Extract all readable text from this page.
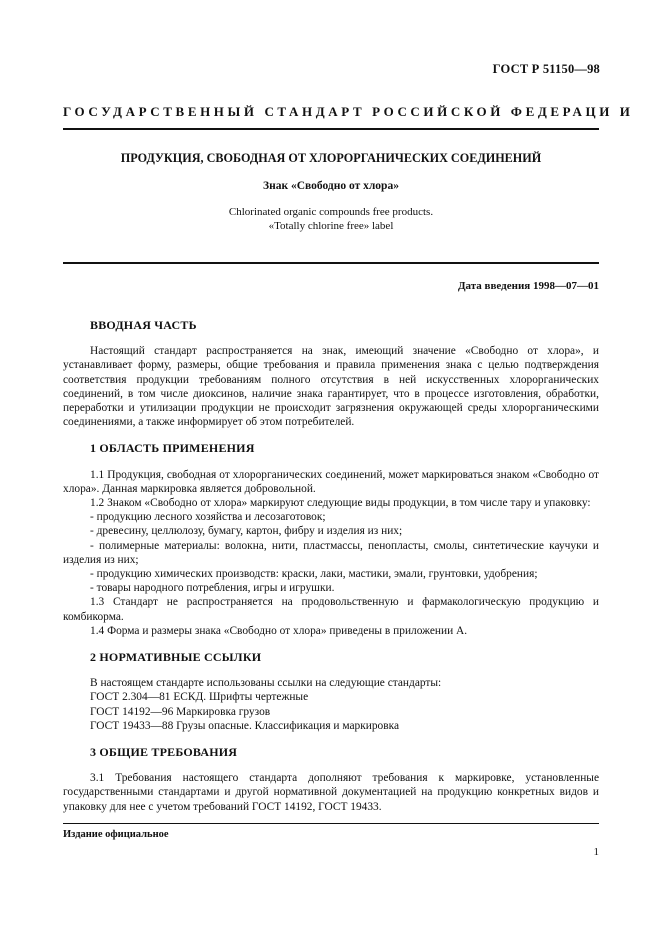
ГОСТ Р 51150—98
ГОСУДАРСТВЕННЫЙ СТАНДАРТ РОССИЙСКОЙ ФЕДЕРАЦИ И
ПРОДУКЦИЯ, СВОБОДНАЯ ОТ ХЛОРОРГАНИЧЕСКИХ СОЕДИНЕНИЙ
Знак «Свободно от хлора»
Chlorinated organic compounds free products.
«Totally chlorine free» label
Дата введения 1998—07—01
ВВОДНАЯ ЧАСТЬ

Настоящий стандарт распространяется на знак, имеющий значение «Свободно от хлора», и устанавливает форму, размеры, общие требования и правила применения знака с целью подтверждения соответствия продукции требованиям полного отсутствия в ней искусственных хлорорганических соединений, в том числе диоксинов, наличие знака гарантирует, что в процессе изготовления, обработки, переработки и утилизации продукции не происходит загрязнения окружающей среды хлорорганическими соединениями, а также информирует об этом потребителей.

1 ОБЛАСТЬ ПРИМЕНЕНИЯ

1.1 Продукция, свободная от хлорорганических соединений, может маркироваться знаком «Свободно от хлора». Данная маркировка является добровольной.

1.2 Знаком «Свободно от хлора» маркируют следующие виды продукции, в том числе тару и упаковку:

- продукцию лесного хозяйства и лесозаготовок;
- древесину, целлюлозу, бумагу, картон, фибру и изделия из них;
- полимерные материалы: волокна, нити, пластмассы, пенопласты, смолы, синтетические каучуки и изделия из них;
- продукцию химических производств: краски, лаки, мастики, эмали, грунтовки, удобрения;
- товары народного потребления, игры и игрушки.

1.3 Стандарт не распространяется на продовольственную и фармакологическую продукцию и комбикорма.

1.4 Форма и размеры знака «Свободно от хлора» приведены в приложении А.

2 НОРМАТИВНЫЕ ССЫЛКИ
В настоящем стандарте использованы ссылки на следующие стандарты:
ГОСТ 2.304—81 ЕСКД. Шрифты чертежные
ГОСТ 14192—96 Маркировка грузов
ГОСТ 19433—88 Грузы опасные. Классификация и маркировка
3 ОБЩИЕ ТРЕБОВАНИЯ

3.1 Требования настоящего стандарта дополняют требования к маркировке, установленные государственными стандартами и другой нормативной документацией на продукцию конкретных видов и упаковку для нее с учетом требований ГОСТ 14192, ГОСТ 19433.

Издание официальное
1
